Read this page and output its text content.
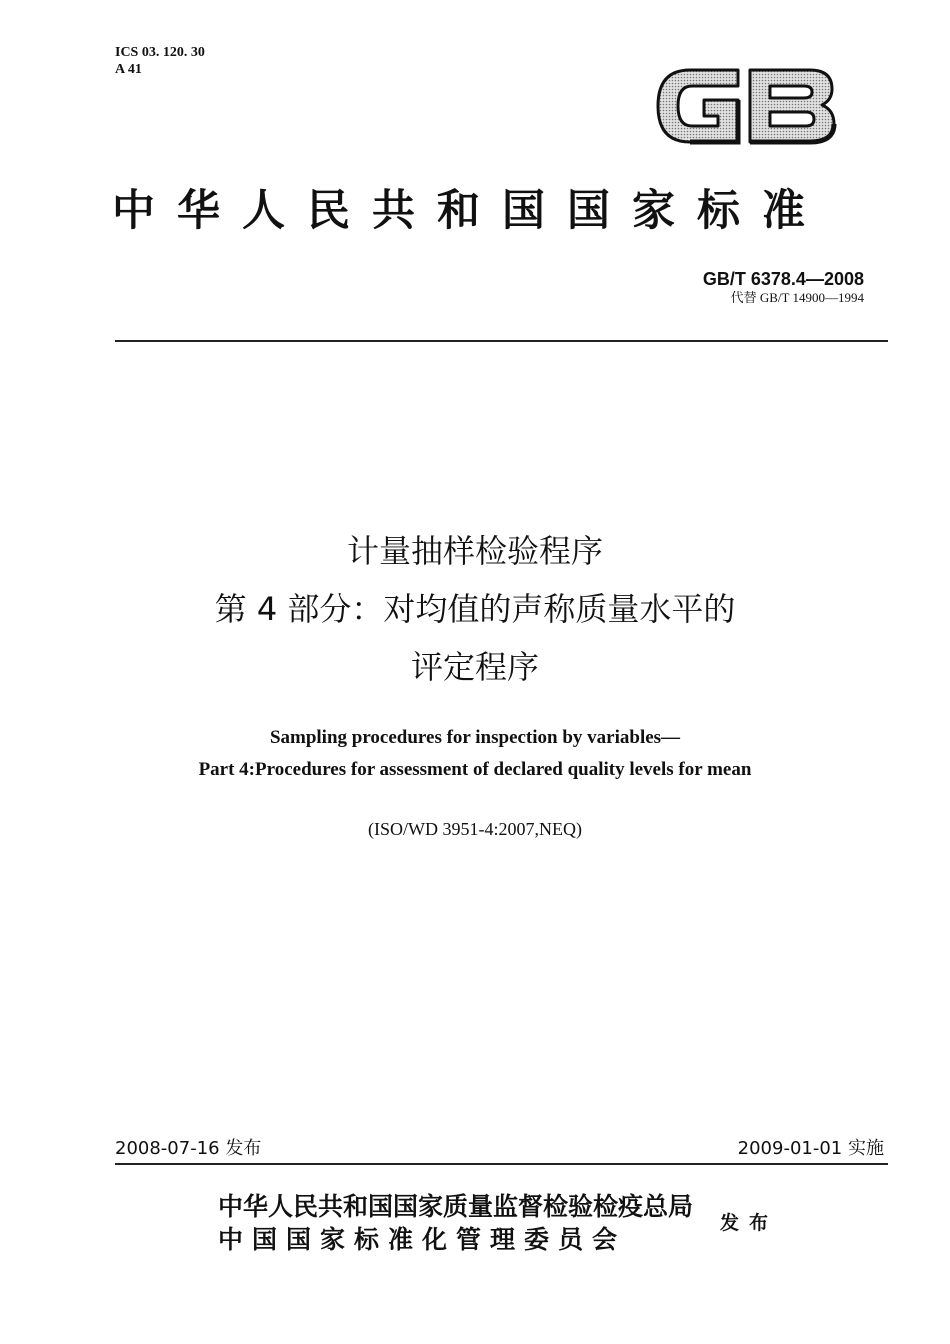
ICS 03. 120. 30
A 41
中华人民共和国国家标准
GB/T 6378.4—2008
代替 GB/T 14900—1994
计量抽样检验程序
第 4 部分：对均值的声称质量水平的
评定程序
Sampling procedures for inspection by variables—
Part 4:Procedures for assessment of declared quality levels for mean
(ISO/WD 3951-4:2007,NEQ)
2008-07-16 发布	2009-01-01 实施
中华人民共和国国家质量监督检验检疫总局
中国国家标准化管理委员会
发布
